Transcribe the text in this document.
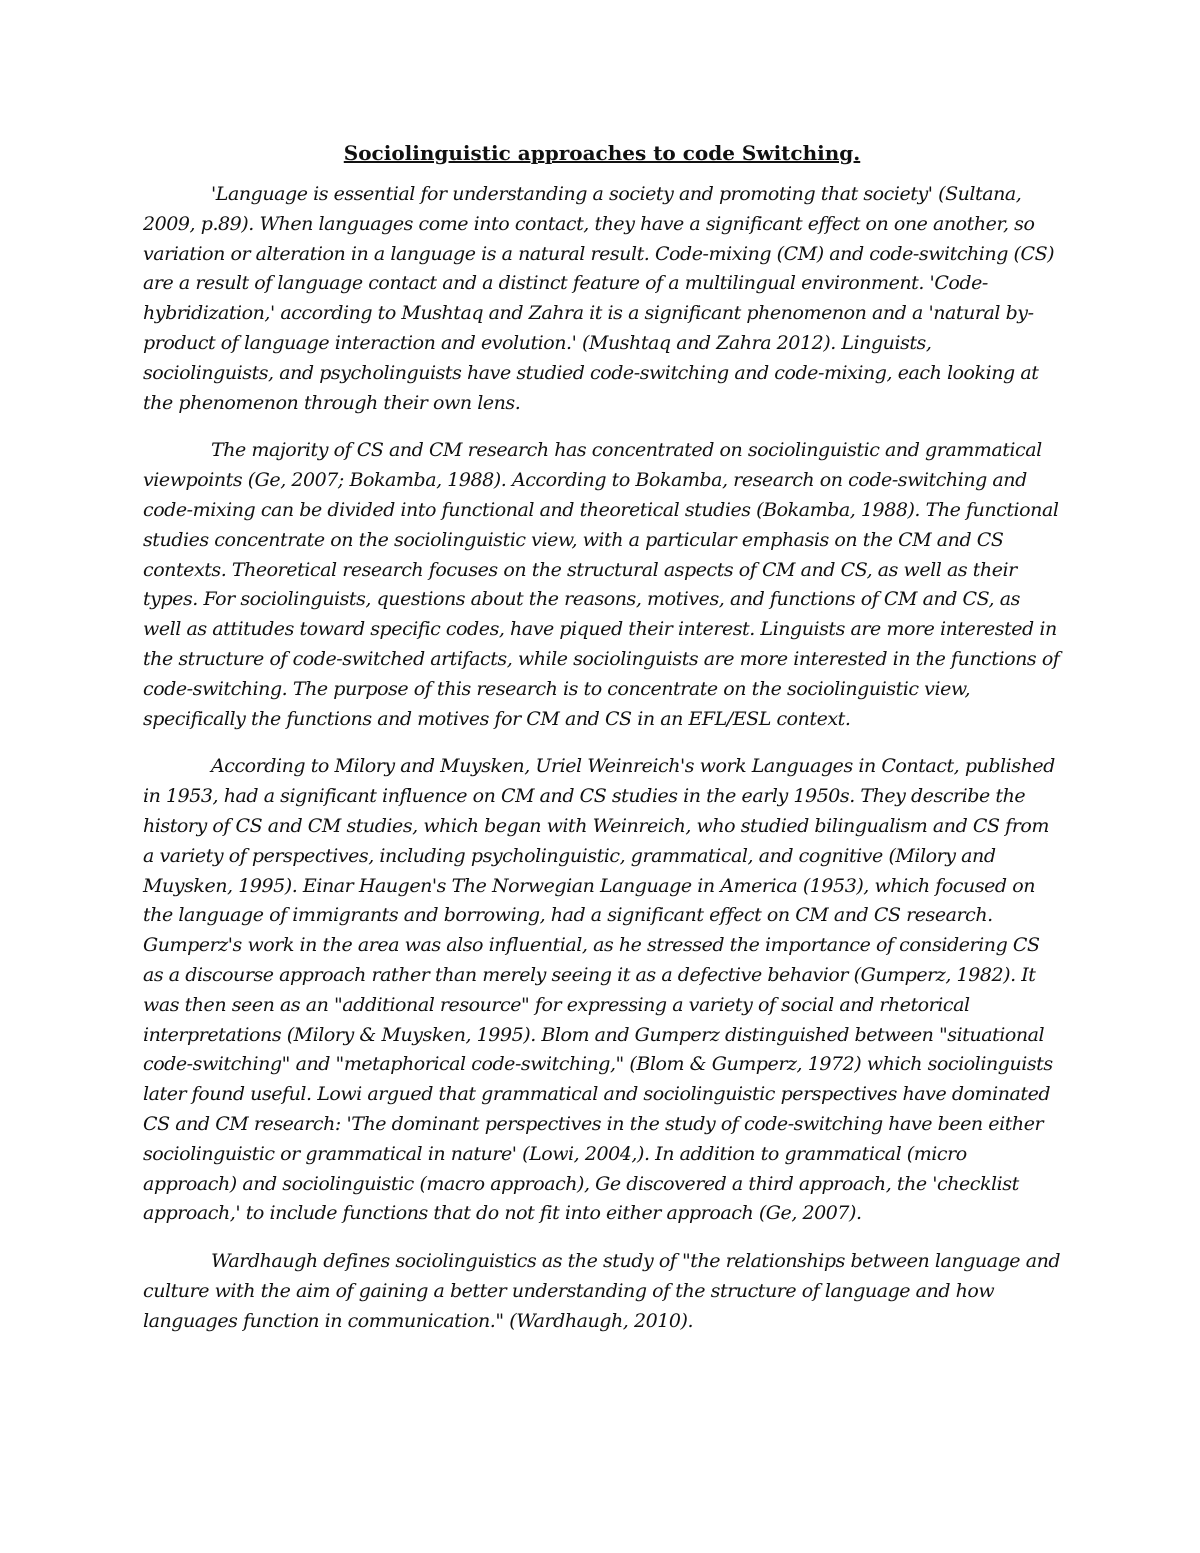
Sociolinguistic approaches to code Switching.

'Language is essential for understanding a society and promoting that society' (Sultana, 2009, p.89). When languages come into contact, they have a significant effect on one another, so variation or alteration in a language is a natural result. Code-mixing (CM) and code-switching (CS) are a result of language contact and a distinct feature of a multilingual environment. 'Code-hybridization,' according to Mushtaq and Zahra it is a significant phenomenon and a 'natural by-product of language interaction and evolution.' (Mushtaq and Zahra 2012). Linguists, sociolinguists, and psycholinguists have studied code-switching and code-mixing, each looking at the phenomenon through their own lens.

The majority of CS and CM research has concentrated on sociolinguistic and grammatical viewpoints (Ge, 2007; Bokamba, 1988). According to Bokamba, research on code-switching and code-mixing can be divided into functional and theoretical studies (Bokamba, 1988). The functional studies concentrate on the sociolinguistic view, with a particular emphasis on the CM and CS contexts. Theoretical research focuses on the structural aspects of CM and CS, as well as their types. For sociolinguists, questions about the reasons, motives, and functions of CM and CS, as well as attitudes toward specific codes, have piqued their interest. Linguists are more interested in the structure of code-switched artifacts, while sociolinguists are more interested in the functions of code-switching. The purpose of this research is to concentrate on the sociolinguistic view, specifically the functions and motives for CM and CS in an EFL/ESL context.

According to Milory and Muysken, Uriel Weinreich's work Languages in Contact, published in 1953, had a significant influence on CM and CS studies in the early 1950s. They describe the history of CS and CM studies, which began with Weinreich, who studied bilingualism and CS from a variety of perspectives, including psycholinguistic, grammatical, and cognitive (Milory and Muysken, 1995). Einar Haugen's The Norwegian Language in America (1953), which focused on the language of immigrants and borrowing, had a significant effect on CM and CS research. Gumperz's work in the area was also influential, as he stressed the importance of considering CS as a discourse approach rather than merely seeing it as a defective behavior (Gumperz, 1982). It was then seen as an "additional resource" for expressing a variety of social and rhetorical interpretations (Milory & Muysken, 1995). Blom and Gumperz distinguished between "situational code-switching" and "metaphorical code-switching," (Blom & Gumperz, 1972) which sociolinguists later found useful. Lowi argued that grammatical and sociolinguistic perspectives have dominated CS and CM research: 'The dominant perspectives in the study of code-switching have been either sociolinguistic or grammatical in nature' (Lowi, 2004,). In addition to grammatical (micro approach) and sociolinguistic (macro approach), Ge discovered a third approach, the 'checklist approach,' to include functions that do not fit into either approach (Ge, 2007).

Wardhaugh defines sociolinguistics as the study of "the relationships between language and culture with the aim of gaining a better understanding of the structure of language and how languages function in communication." (Wardhaugh, 2010).
